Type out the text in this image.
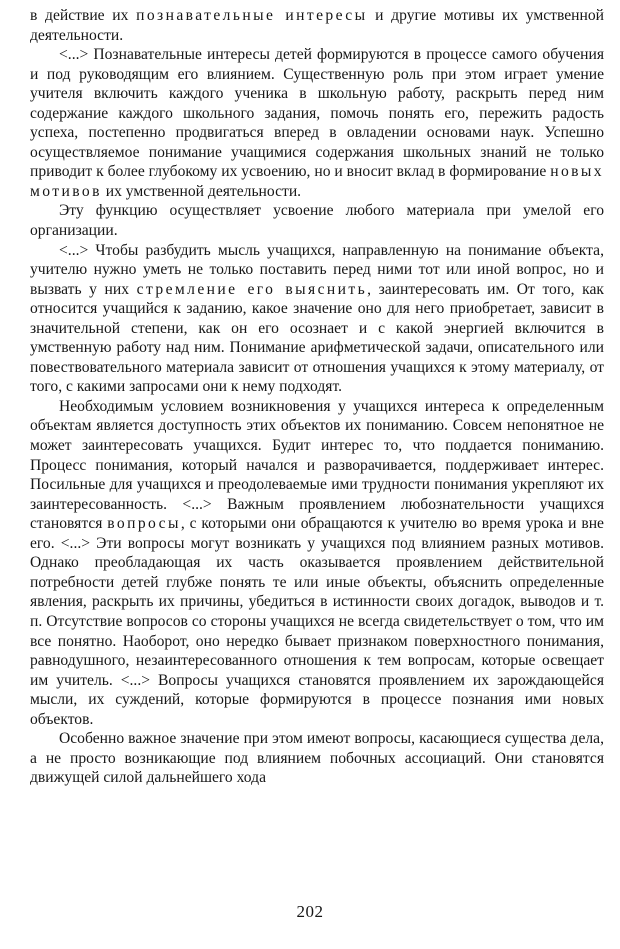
в действие их познавательные интересы и другие мотивы их умственной деятельности.

<...> Познавательные интересы детей формируются в процессе самого обучения и под руководящим его влиянием. Существенную роль при этом играет умение учителя включить каждого ученика в школьную работу, раскрыть перед ним содержание каждого школьного задания, помочь понять его, пережить радость успеха, постепенно продвигаться вперед в овладении основами наук. Успешно осуществляемое понимание учащимися содержания школьных знаний не только приводит к более глубокому их усвоению, но и вносит вклад в формирование новых мотивов их умственной деятельности.

Эту функцию осуществляет усвоение любого материала при умелой его организации.

<...> Чтобы разбудить мысль учащихся, направленную на понимание объекта, учителю нужно уметь не только поставить перед ними тот или иной вопрос, но и вызвать у них стремление его выяснить, заинтересовать им. От того, как относится учащийся к заданию, какое значение оно для него приобретает, зависит в значительной степени, как он его осознает и с какой энергией включится в умственную работу над ним. Понимание арифметической задачи, описательного или повествовательного материала зависит от отношения учащихся к этому материалу, от того, с какими запросами они к нему подходят.

Необходимым условием возникновения у учащихся интереса к определенным объектам является доступность этих объектов их пониманию. Совсем непонятное не может заинтересовать учащихся. Будит интерес то, что поддается пониманию. Процесс понимания, который начался и разворачивается, поддерживает интерес. Посильные для учащихся и преодолеваемые ими трудности понимания укрепляют их заинтересованность. <...> Важным проявлением любознательности учащихся становятся вопросы, с которыми они обращаются к учителю во время урока и вне его. <...> Эти вопросы могут возникать у учащихся под влиянием разных мотивов. Однако преобладающая их часть оказывается проявлением действительной потребности детей глубже понять те или иные объекты, объяснить определенные явления, раскрыть их причины, убедиться в истинности своих догадок, выводов и т. п. Отсутствие вопросов со стороны учащихся не всегда свидетельствует о том, что им все понятно. Наоборот, оно нередко бывает признаком поверхностного понимания, равнодушного, незаинтересованного отношения к тем вопросам, которые освещает им учитель. <...> Вопросы учащихся становятся проявлением их зарождающейся мысли, их суждений, которые формируются в процессе познания ими новых объектов.

Особенно важное значение при этом имеют вопросы, касающиеся существа дела, а не просто возникающие под влиянием побочных ассоциаций. Они становятся движущей силой дальнейшего хода

202
